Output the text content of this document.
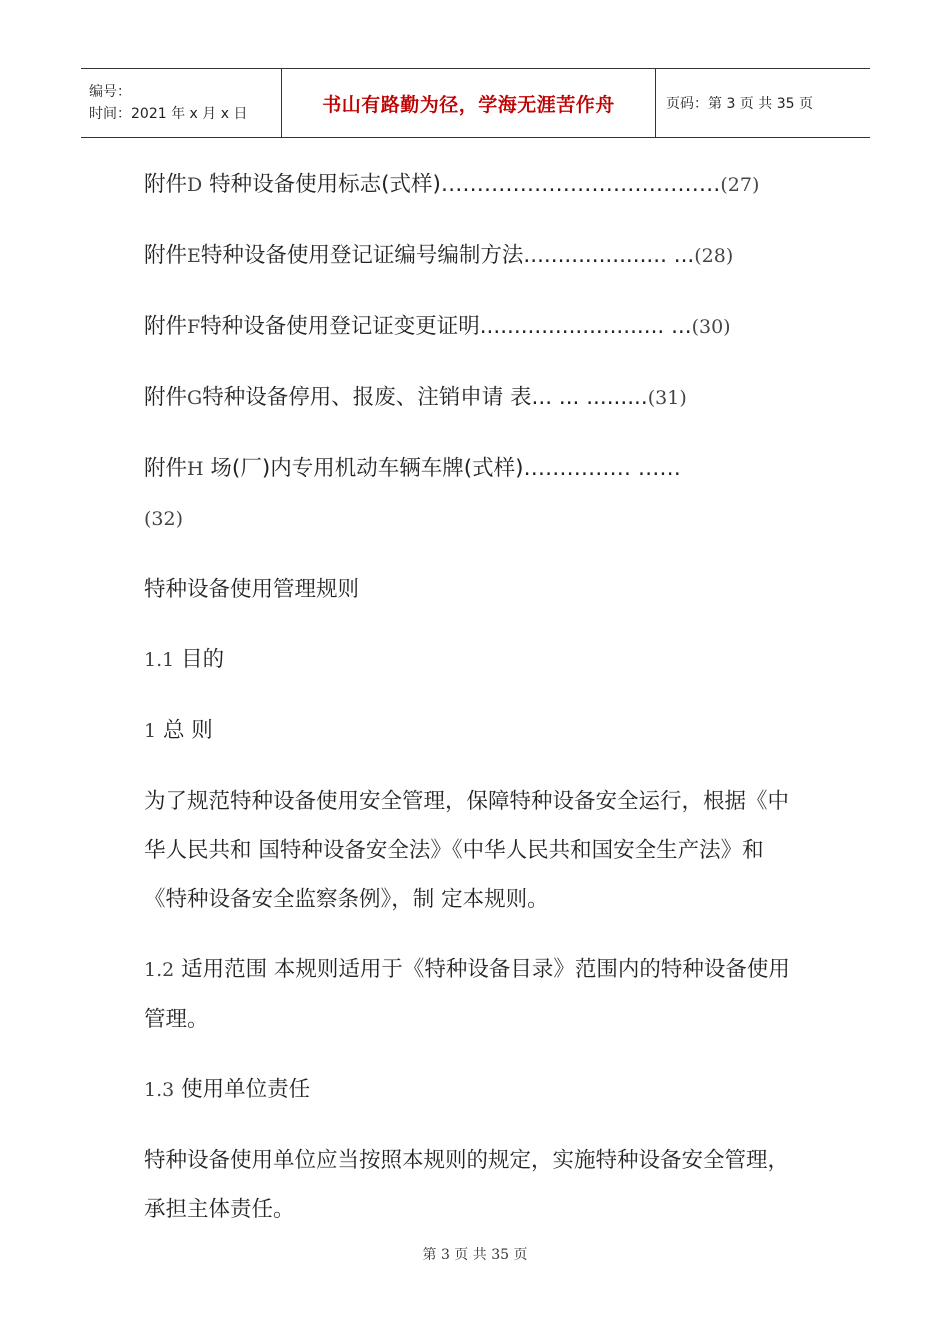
编号：
时间：2021 年 x 月 x 日	书山有路勤为径，学海无涯苦作舟	页码：第 3 页 共 35 页

附件D 特种设备使用标志(式样)…………………………………(27)

附件E特种设备使用登记证编号编制方法..................... ...(28)

附件F特种设备使用登记证变更证明........................... ...(30)

附件G特种设备停用、报废、注销申请 表... ... .........(31)

附件H 场(厂)内专用机动车辆车牌(式样)…………… ……
(32)

特种设备使用管理规则

1.1 目的

1 总 则

为了规范特种设备使用安全管理，保障特种设备安全运行，根据《中华人民共和 国特种设备安全法》《中华人民共和国安全生产法》和《特种设备安全监察条例》，制 定本规则。

1.2 适用范围 本规则适用于《特种设备目录》范围内的特种设备使用管理。

1.3 使用单位责任

特种设备使用单位应当按照本规则的规定，实施特种设备安全管理，承担主体责任。

第 3 页 共 35 页
